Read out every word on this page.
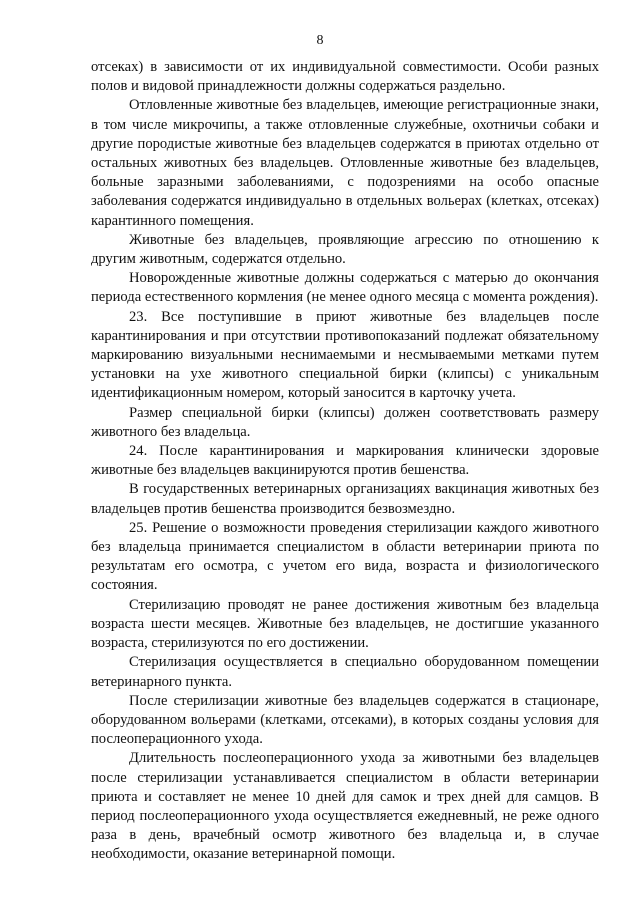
8

отсеках) в зависимости от их индивидуальной совместимости. Особи разных полов и видовой принадлежности должны содержаться раздельно.

Отловленные животные без владельцев, имеющие регистрационные знаки, в том числе микрочипы, а также отловленные служебные, охотничьи собаки и другие породистые животные без владельцев содержатся в приютах отдельно от остальных животных без владельцев. Отловленные животные без владельцев, больные заразными заболеваниями, с подозрениями на особо опасные заболевания содержатся индивидуально в отдельных вольерах (клетках, отсеках) карантинного помещения.

Животные без владельцев, проявляющие агрессию по отношению к другим животным, содержатся отдельно.

Новорожденные животные должны содержаться с матерью до окончания периода естественного кормления (не менее одного месяца с момента рождения).

23. Все поступившие в приют животные без владельцев после карантинирования и при отсутствии противопоказаний подлежат обязательному маркированию визуальными неснимаемыми и несмываемыми метками путем установки на ухе животного специальной бирки (клипсы) с уникальным идентификационным номером, который заносится в карточку учета.

Размер специальной бирки (клипсы) должен соответствовать размеру животного без владельца.

24. После карантинирования и маркирования клинически здоровые животные без владельцев вакцинируются против бешенства.

В государственных ветеринарных организациях вакцинация животных без владельцев против бешенства производится безвозмездно.

25. Решение о возможности проведения стерилизации каждого животного без владельца принимается специалистом в области ветеринарии приюта по результатам его осмотра, с учетом его вида, возраста и физиологического состояния.

Стерилизацию проводят не ранее достижения животным без владельца возраста шести месяцев. Животные без владельцев, не достигшие указанного возраста, стерилизуются по его достижении.

Стерилизация осуществляется в специально оборудованном помещении ветеринарного пункта.

После стерилизации животные без владельцев содержатся в стационаре, оборудованном вольерами (клетками, отсеками), в которых созданы условия для послеоперационного ухода.

Длительность послеоперационного ухода за животными без владельцев после стерилизации устанавливается специалистом в области ветеринарии приюта и составляет не менее 10 дней для самок и трех дней для самцов. В период послеоперационного ухода осуществляется ежедневный, не реже одного раза в день, врачебный осмотр животного без владельца и, в случае необходимости, оказание ветеринарной помощи.
